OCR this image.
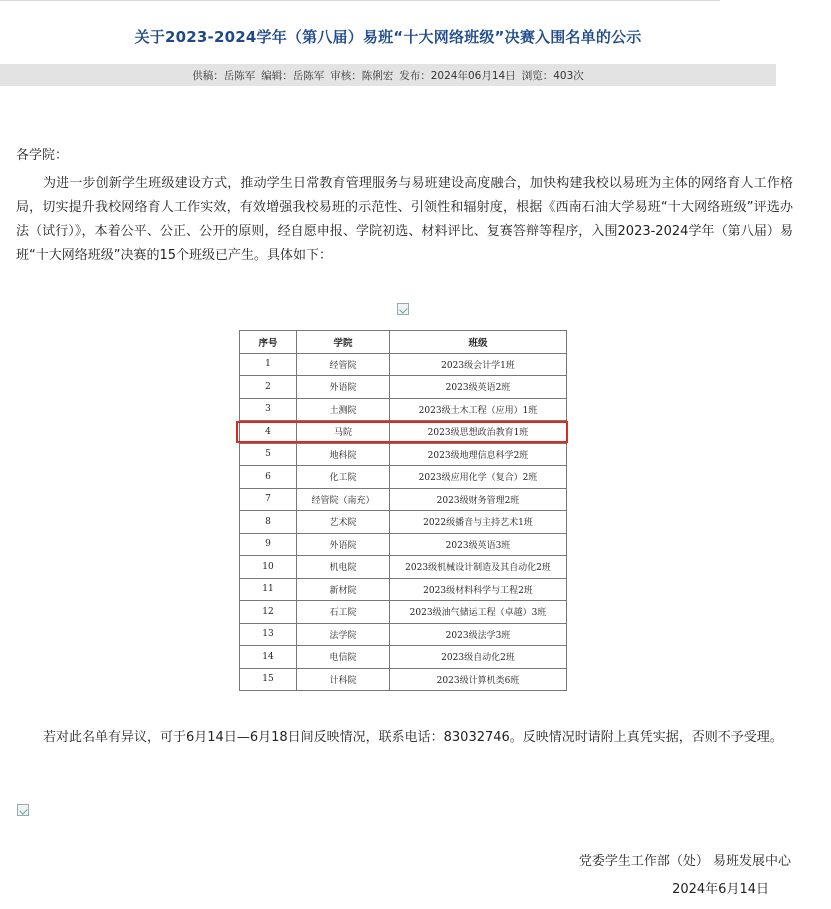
关于2023-2024学年（第八届）易班“十大网络班级”决赛入围名单的公示
供稿：岳陈军 编辑：岳陈军 审核：陈俐宏 发布：2024年06月14日 浏览：403次
各学院：
为进一步创新学生班级建设方式，推动学生日常教育管理服务与易班建设高度融合，加快构建我校以易班为主体的网络育人工作格局，切实提升我校网络育人工作实效，有效增强我校易班的示范性、引领性和辐射度，根据《西南石油大学易班“十大网络班级”评选办法（试行）》，本着公平、公正、公开的原则，经自愿申报、学院初选、材料评比、复赛答辩等程序，入围2023-2024学年（第八届）易班“十大网络班级”决赛的15个班级已产生。具体如下：
序号	学院	班级
1	经管院	2023级会计学1班
2	外语院	2023级英语2班
3	土测院	2023级土木工程（应用）1班
4	马院	2023级思想政治教育1班
5	地科院	2023级地理信息科学2班
6	化工院	2023级应用化学（复合）2班
7	经管院（南充）	2023级财务管理2班
8	艺术院	2022级播音与主持艺术1班
9	外语院	2023级英语3班
10	机电院	2023级机械设计制造及其自动化2班
11	新材院	2023级材料科学与工程2班
12	石工院	2023级油气储运工程（卓越）3班
13	法学院	2023级法学3班
14	电信院	2023级自动化2班
15	计科院	2023级计算机类6班
若对此名单有异议，可于6月14日—6月18日间反映情况，联系电话：83032746。反映情况时请附上真凭实据，否则不予受理。
党委学生工作部（处） 易班发展中心
2024年6月14日
